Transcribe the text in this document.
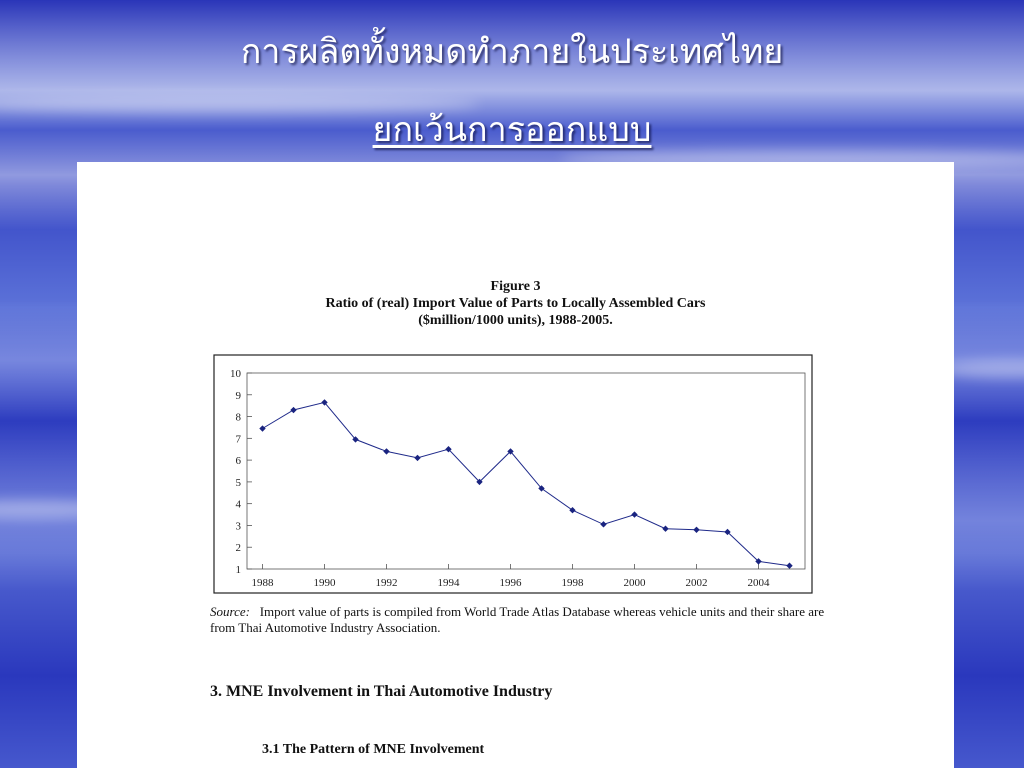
การผลิตทั้งหมดทำภายในประเทศไทย
ยกเว้นการออกแบบ
Figure 3
Ratio of (real) Import Value of Parts to Locally Assembled Cars
($million/1000 units), 1988-2005.
1
2
3
4
5
6
7
8
9
10
1988	1990	1992	1994	1996	1998	2000	2002	2004
Source: Import value of parts is compiled from World Trade Atlas Database whereas vehicle units and their share are from Thai Automotive Industry Association.
3. MNE Involvement in Thai Automotive Industry
3.1 The Pattern of MNE Involvement
